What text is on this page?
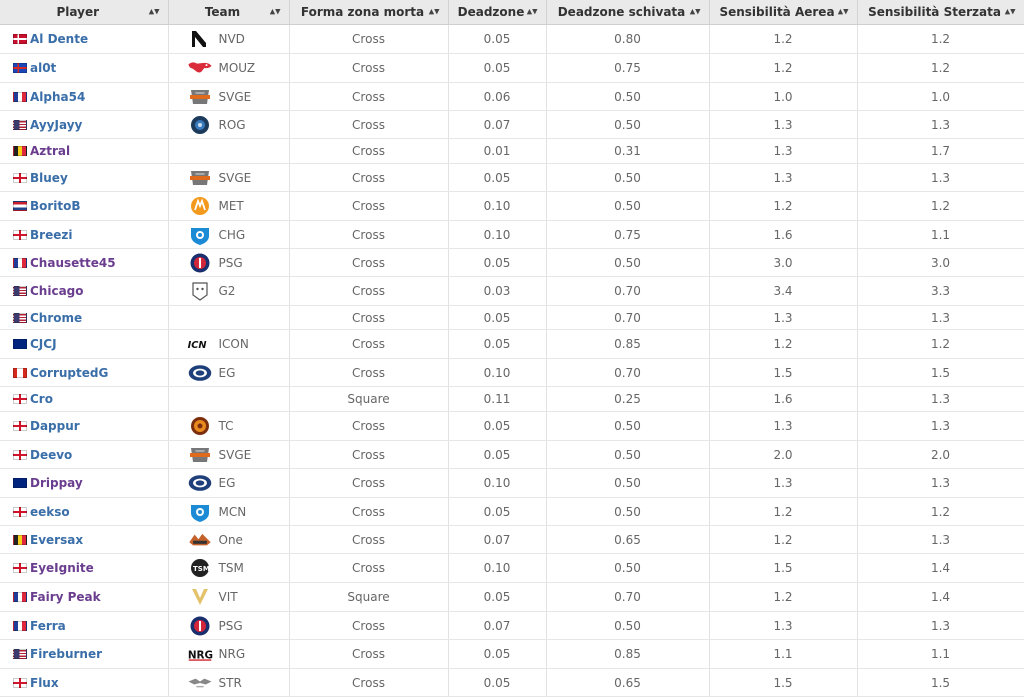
Player ▲▼	Team ▲▼	Forma zona morta ▲▼	Deadzone ▲▼	Deadzone schivata ▲▼	Sensibilità Aerea ▲▼	Sensibilità Sterzata ▲▼

Al Dente	NVD	Cross	0.05	0.80	1.2	1.2
al0t	MOUZ	Cross	0.05	0.75	1.2	1.2
Alpha54	SVGE	Cross	0.06	0.50	1.0	1.0
AyyJayy	ROG	Cross	0.07	0.50	1.3	1.3
Aztral		Cross	0.01	0.31	1.3	1.7
Bluey	SVGE	Cross	0.05	0.50	1.3	1.3
BoritoB	MET	Cross	0.10	0.50	1.2	1.2
Breezi	CHG	Cross	0.10	0.75	1.6	1.1
Chausette45	PSG	Cross	0.05	0.50	3.0	3.0
Chicago	G2	Cross	0.03	0.70	3.4	3.3
Chrome		Cross	0.05	0.70	1.3	1.3
CJCJ	ICN ICON	Cross	0.05	0.85	1.2	1.2
CorruptedG	EG	Cross	0.10	0.70	1.5	1.5
Cro		Square	0.11	0.25	1.6	1.3
Dappur	TC	Cross	0.05	0.50	1.3	1.3
Deevo	SVGE	Cross	0.05	0.50	2.0	2.0
Drippay	EG	Cross	0.10	0.50	1.3	1.3
eekso	MCN	Cross	0.05	0.50	1.2	1.2
Eversax	One	Cross	0.07	0.65	1.2	1.3
EyeIgnite	TSM TSM	Cross	0.10	0.50	1.5	1.4
Fairy Peak	VIT	Square	0.05	0.70	1.2	1.4
Ferra	PSG	Cross	0.07	0.50	1.3	1.3
Fireburner	NRG NRG	Cross	0.05	0.85	1.1	1.1
Flux	STR	Cross	0.05	0.65	1.5	1.5
